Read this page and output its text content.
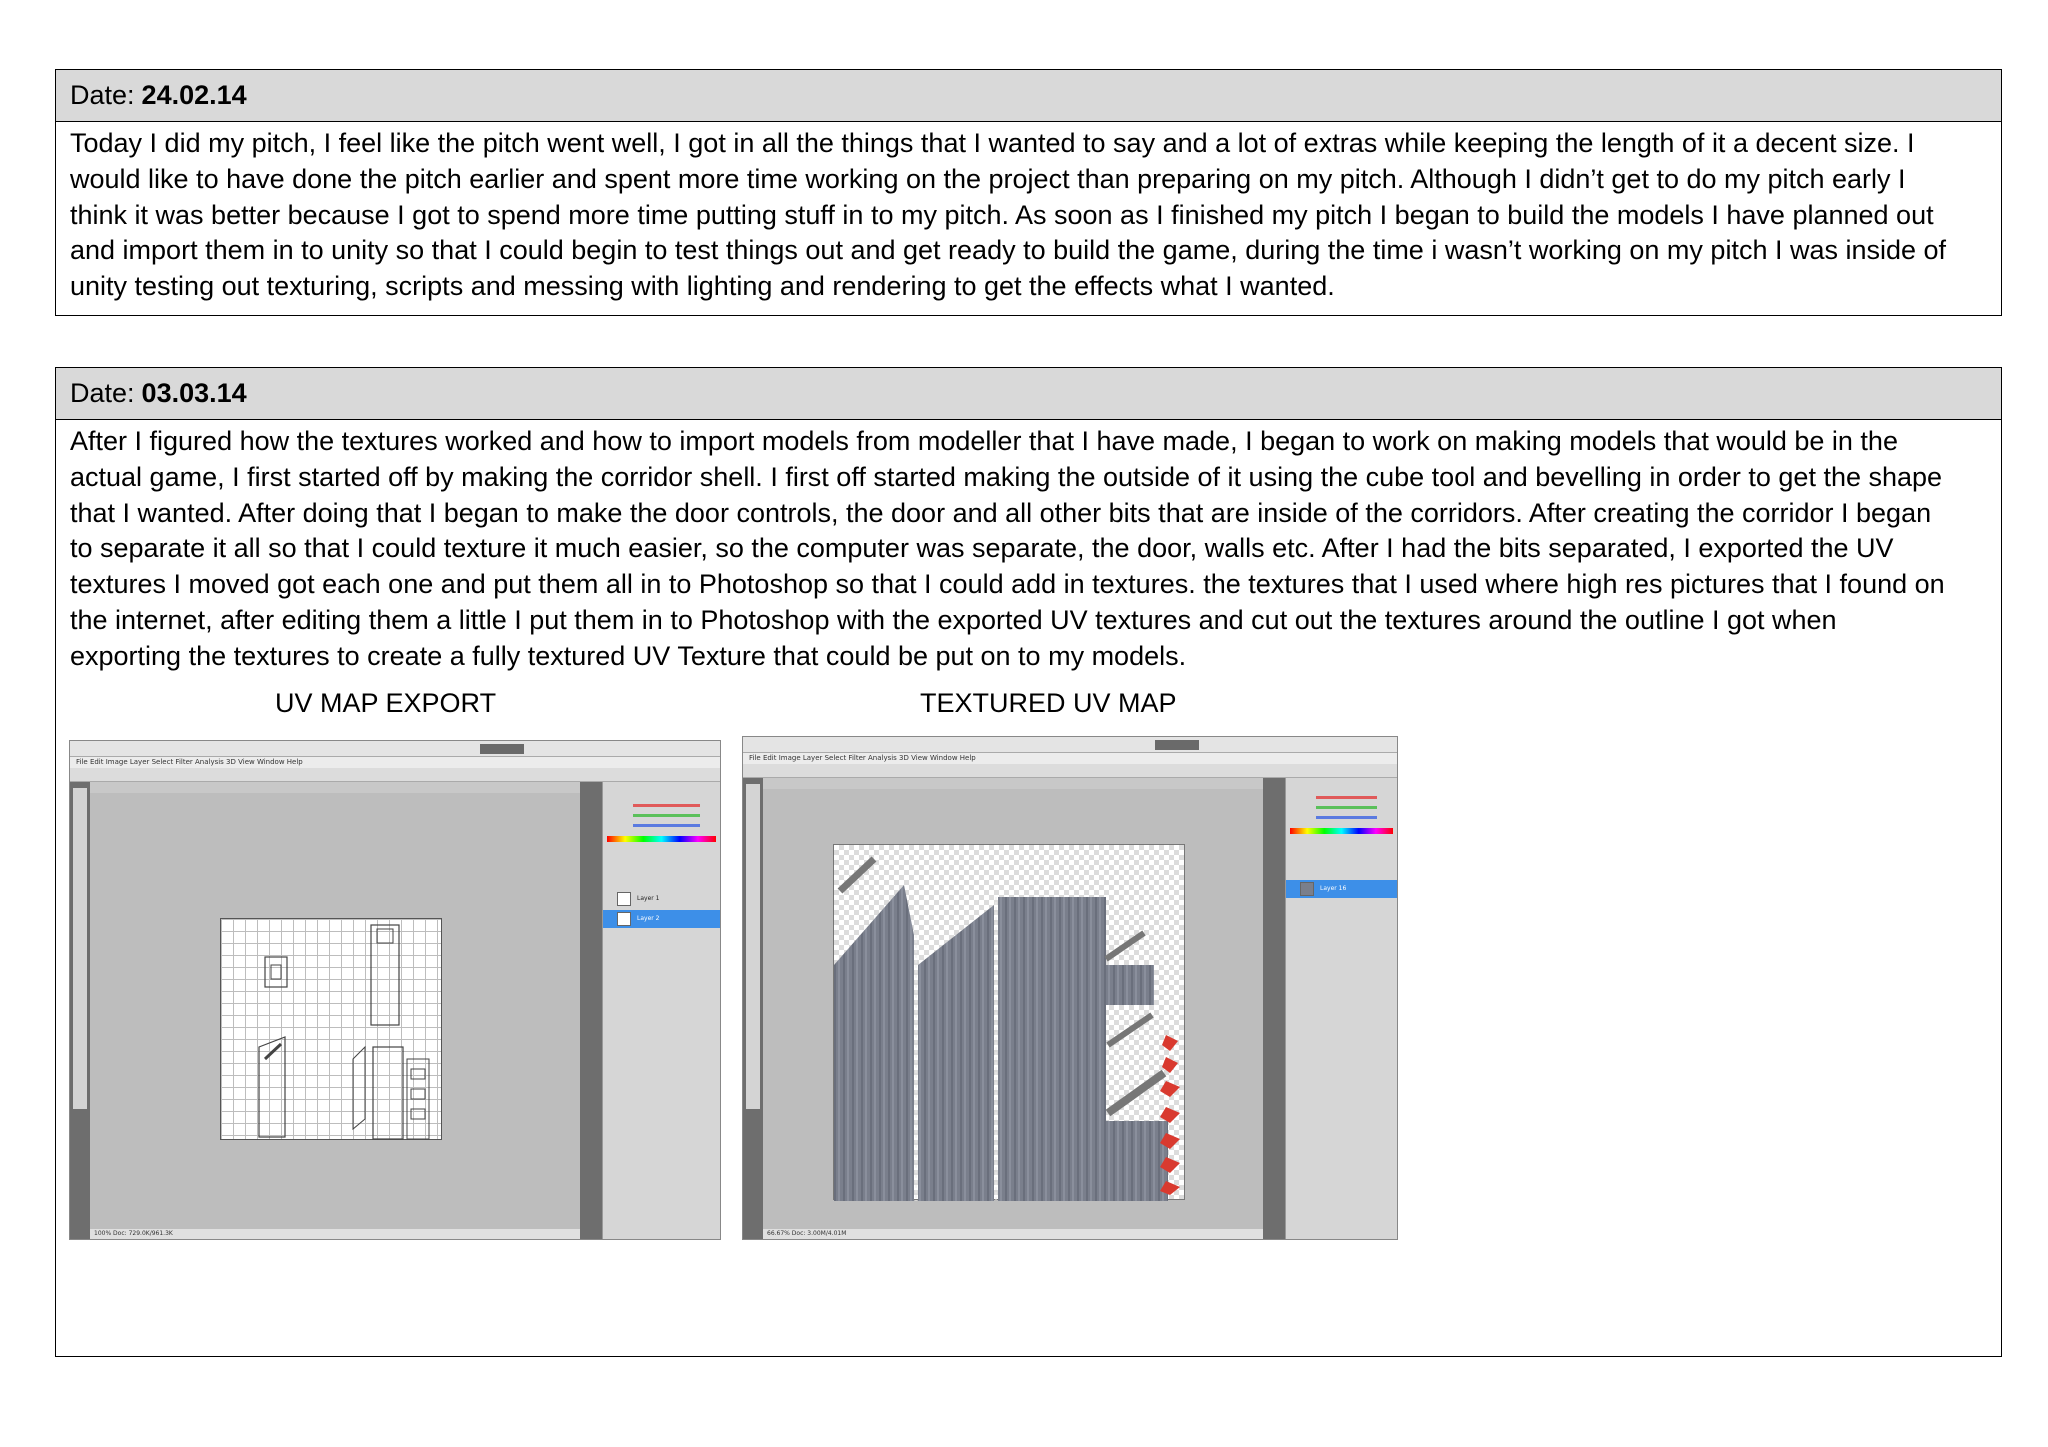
Date: 24.02.14
Today I did my pitch, I feel like the pitch went well, I got in all the things that I wanted to say and a lot of extras while keeping the length of it a decent size. I
would like to have done the pitch earlier and spent more time working on the project than preparing on my pitch. Although I didn’t get to do my pitch early I
think it was better because I got to spend more time putting stuff in to my pitch. As soon as I finished my pitch I began to build the models I have planned out
and import them in to unity so that I could begin to test things out and get ready to build the game, during the time i wasn’t working on my pitch I was inside of
unity testing out texturing, scripts and messing with lighting and rendering to get the effects what I wanted.
Date: 03.03.14
After I figured how the textures worked and how to import models from modeller that I have made, I began to work on making models that would be in the
actual game, I first started off by making the corridor shell. I first off started making the outside of it using the cube tool and bevelling in order to get the shape
that I wanted. After doing that I began to make the door controls, the door and all other bits that are inside of the corridors. After creating the corridor I began
to separate it all so that I could texture it much easier, so the computer was separate, the door, walls etc. After I had the bits separated, I exported the UV
textures I moved got each one and put them all in to Photoshop so that I could add in textures. the textures that I used where high res pictures that I found on
the internet, after editing them a little I put them in to Photoshop with the exported UV textures and cut out the textures around the outline I got when
exporting the textures to create a fully textured UV Texture that could be put on to my models.
UV MAP EXPORT	TEXTURED UV MAP
File Edit Image Layer Select Filter Analysis 3D View Window Help
100% Doc: 729.0K/961.3K
Layer 1
Layer 2
File Edit Image Layer Select Filter Analysis 3D View Window Help
66.67% Doc: 3.00M/4.01M
Layer 16
